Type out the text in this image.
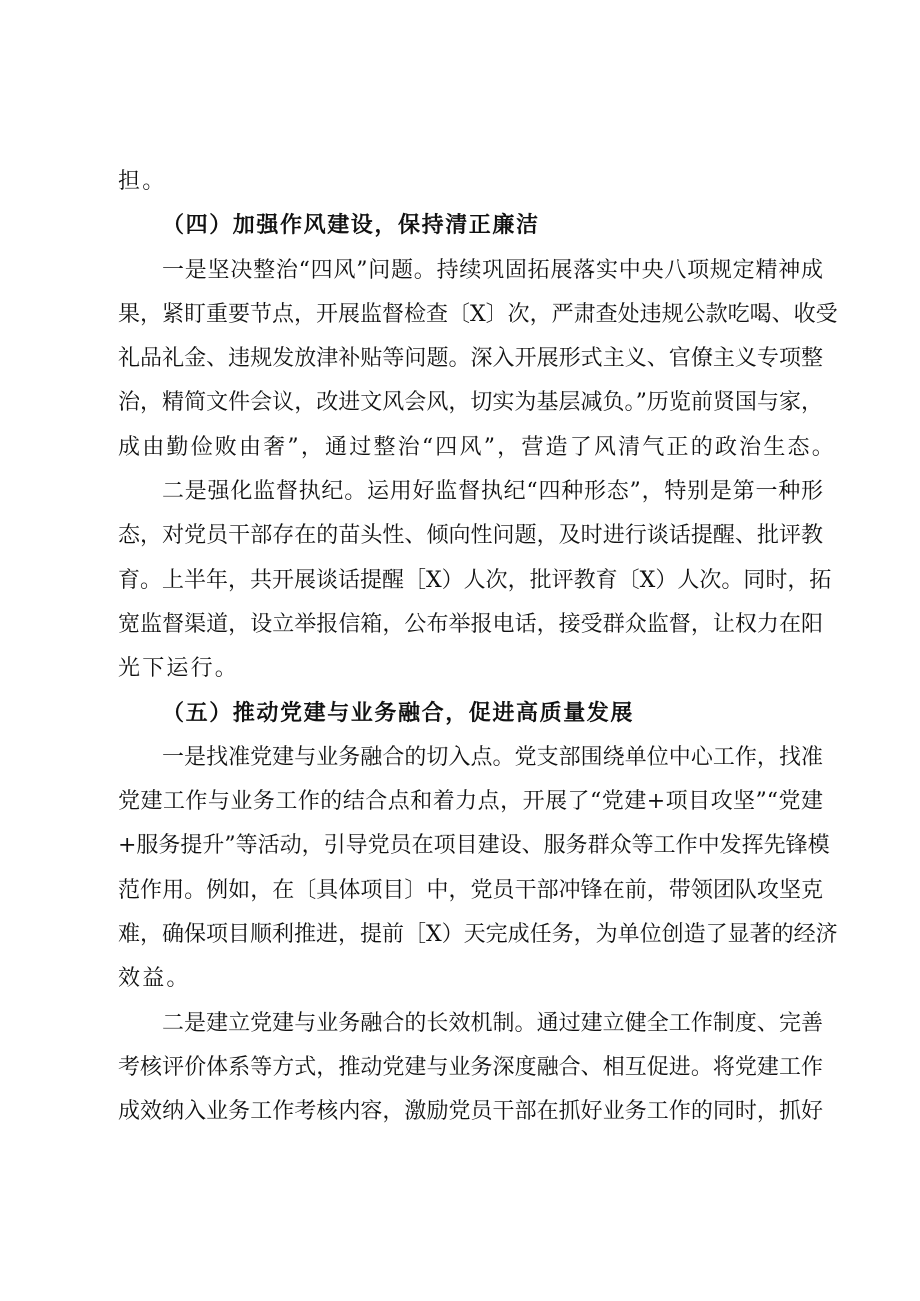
担。
（四）加强作风建设，保持清正廉洁
一是坚决整治“四风”问题。持续巩固拓展落实中央八项规定精神成
果，紧盯重要节点，开展监督检查〔X〕次，严肃查处违规公款吃喝、收受
礼品礼金、违规发放津补贴等问题。深入开展形式主义、官僚主义专项整
治，精简文件会议，改进文风会风，切实为基层减负。”历览前贤国与家，
成由勤俭败由奢”，通过整治“四风”，营造了风清气正的政治生态。
二是强化监督执纪。运用好监督执纪“四种形态”，特别是第一种形
态，对党员干部存在的苗头性、倾向性问题，及时进行谈话提醒、批评教
育。上半年，共开展谈话提醒［X）人次，批评教育〔X）人次。同时，拓
宽监督渠道，设立举报信箱，公布举报电话，接受群众监督，让权力在阳
光下运行。
（五）推动党建与业务融合，促进高质量发展
一是找准党建与业务融合的切入点。党支部围绕单位中心工作，找准
党建工作与业务工作的结合点和着力点，开展了“党建+项目攻坚”“党建
+服务提升”等活动，引导党员在项目建设、服务群众等工作中发挥先锋模
范作用。例如，在〔具体项目〕中，党员干部冲锋在前，带领团队攻坚克
难，确保项目顺利推进，提前［X）天完成任务，为单位创造了显著的经济
效益。
二是建立党建与业务融合的长效机制。通过建立健全工作制度、完善
考核评价体系等方式，推动党建与业务深度融合、相互促进。将党建工作
成效纳入业务工作考核内容，激励党员干部在抓好业务工作的同时，抓好
